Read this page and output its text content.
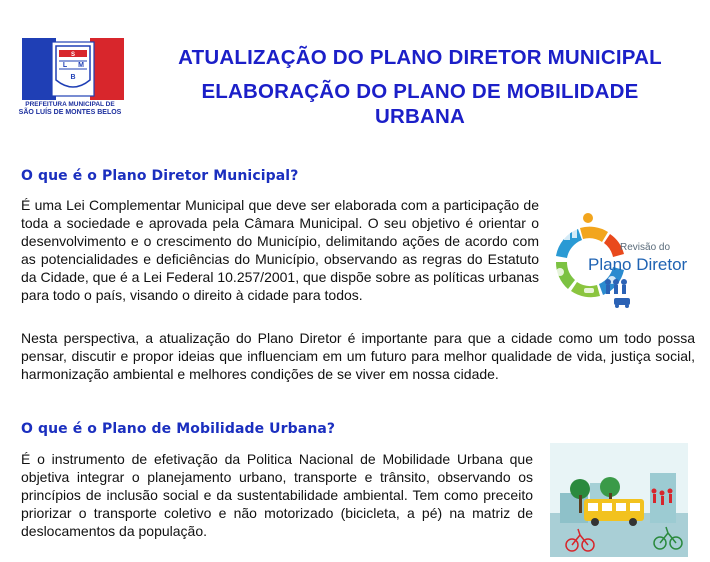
S
L M
B
PREFEITURA MUNICIPAL DE
SÃO LUÍS DE MONTES BELOS
ATUALIZAÇÃO DO PLANO DIRETOR MUNICIPAL
ELABORAÇÃO DO PLANO DE MOBILIDADE
URBANA
O que é o Plano Diretor Municipal?

É uma Lei Complementar Municipal que deve ser elaborada com a participação de toda a sociedade e aprovada pela Câmara Municipal. O seu objetivo é orientar o desenvolvimento e o crescimento do Município, delimitando ações de acordo com as potencialidades e deficiências do Município, observando as regras do Estatuto da Cidade, que é a Lei Federal 10.257/2001, que dispõe sobre as políticas urbanas para todo o país, visando o direito à cidade para todos.

Revisão do
Plano Diretor

Nesta perspectiva, a atualização do Plano Diretor é importante para que a cidade como um todo possa pensar, discutir e propor ideias que influenciam em um futuro para melhor qualidade de vida, justiça social, harmonização ambiental e melhores condições de se viver em nossa cidade.

O que é o Plano de Mobilidade Urbana?

É o instrumento de efetivação da Politica Nacional de Mobilidade Urbana que objetiva integrar o planejamento urbano, transporte e trânsito, observando os princípios de inclusão social e da sustentabilidade ambiental. Tem como preceito priorizar o transporte coletivo e não motorizado (bicicleta, a pé) na matriz de deslocamentos da população.
